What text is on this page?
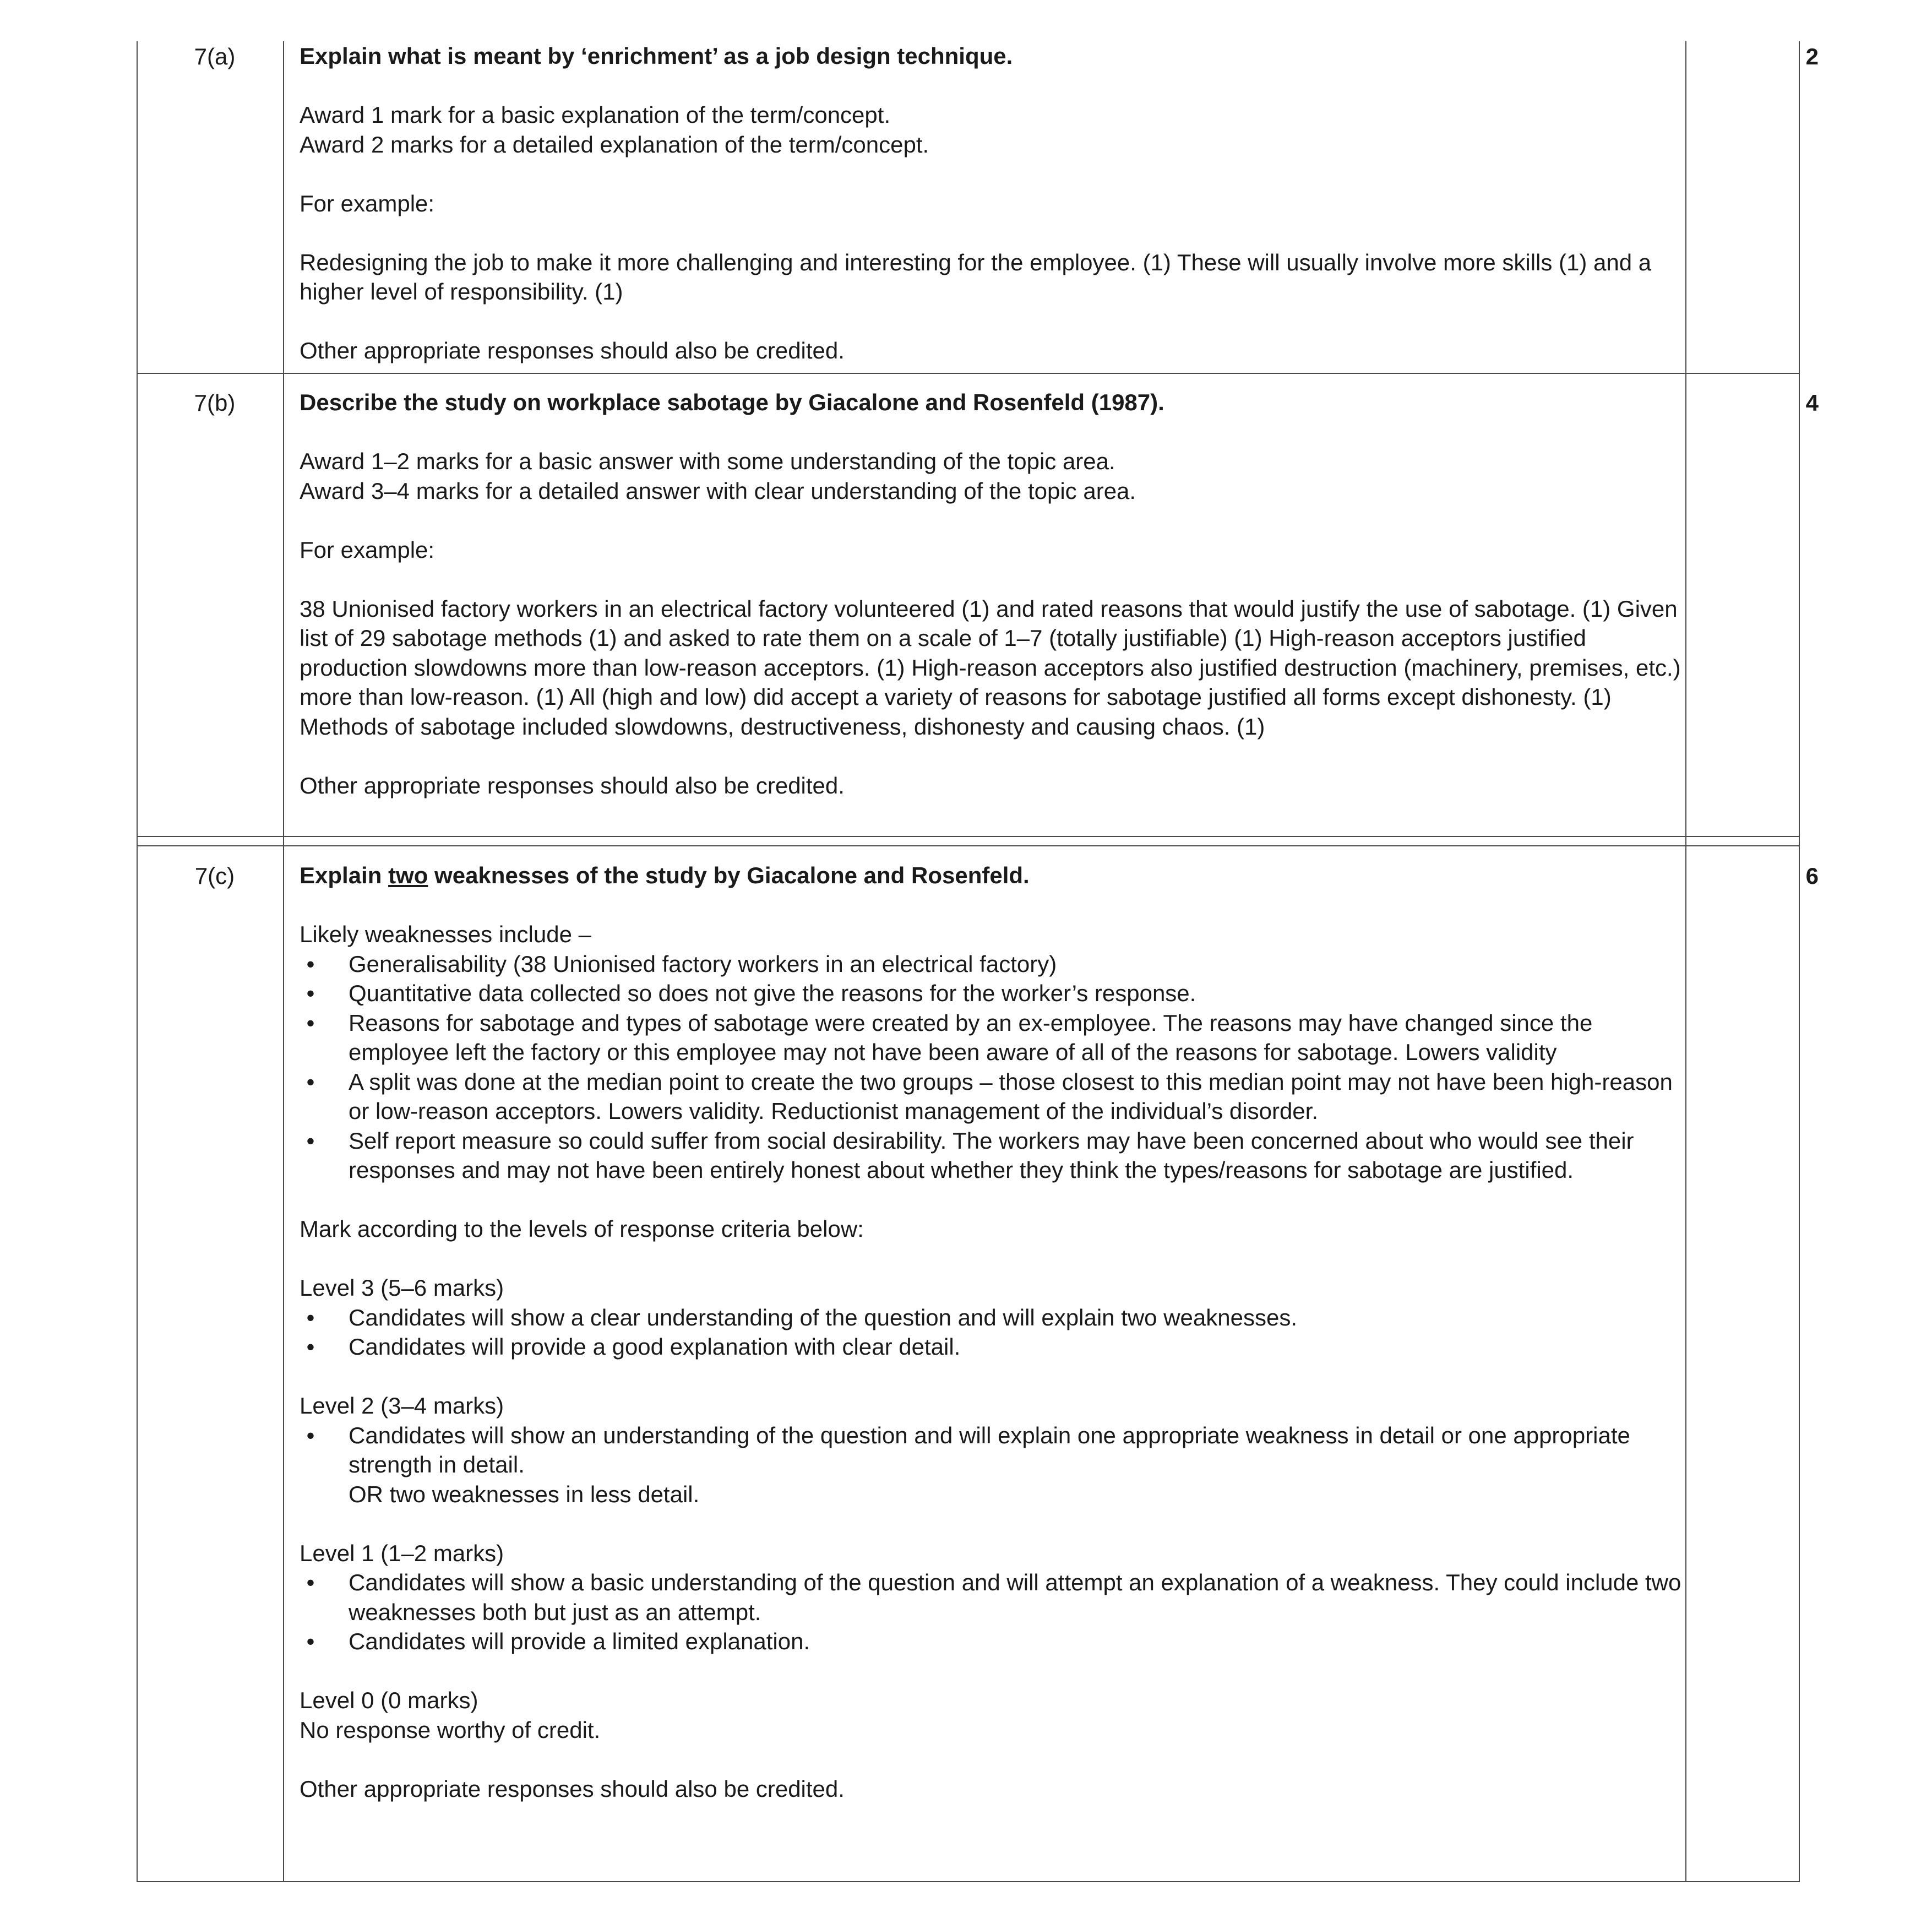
7(a)	2

Explain what is meant by ‘enrichment’ as a job design technique.

Award 1 mark for a basic explanation of the term/concept.
Award 2 marks for a detailed explanation of the term/concept.

For example:

Redesigning the job to make it more challenging and interesting for the employee. (1) These will usually involve more skills (1) and a higher level of responsibility. (1)

Other appropriate responses should also be credited.

7(b)	4

Describe the study on workplace sabotage by Giacalone and Rosenfeld (1987).

Award 1–2 marks for a basic answer with some understanding of the topic area.
Award 3–4 marks for a detailed answer with clear understanding of the topic area.

For example:

38 Unionised factory workers in an electrical factory volunteered (1) and rated reasons that would justify the use of sabotage. (1) Given list of 29 sabotage methods (1) and asked to rate them on a scale of 1–7 (totally justifiable) (1) High-reason acceptors justified production slowdowns more than low-reason acceptors. (1) High-reason acceptors also justified destruction (machinery, premises, etc.) more than low-reason. (1) All (high and low) did accept a variety of reasons for sabotage justified all forms except dishonesty. (1) Methods of sabotage included slowdowns, destructiveness, dishonesty and causing chaos. (1)

Other appropriate responses should also be credited.

7(c)	6

Explain two weaknesses of the study by Giacalone and Rosenfeld.

Likely weaknesses include –

•	Generalisability (38 Unionised factory workers in an electrical factory)
•	Quantitative data collected so does not give the reasons for the worker’s response.
•	Reasons for sabotage and types of sabotage were created by an ex-employee. The reasons may have changed since the employee left the factory or this employee may not have been aware of all of the reasons for sabotage. Lowers validity
•	A split was done at the median point to create the two groups – those closest to this median point may not have been high-reason or low-reason acceptors. Lowers validity. Reductionist management of the individual’s disorder.
•	Self report measure so could suffer from social desirability. The workers may have been concerned about who would see their responses and may not have been entirely honest about whether they think the types/reasons for sabotage are justified.

Mark according to the levels of response criteria below:

Level 3 (5–6 marks)

•	Candidates will show a clear understanding of the question and will explain two weaknesses.
•	Candidates will provide a good explanation with clear detail.

Level 2 (3–4 marks)

•	Candidates will show an understanding of the question and will explain one appropriate weakness in detail or one appropriate strength in detail.
OR two weaknesses in less detail.

Level 1 (1–2 marks)

•	Candidates will show a basic understanding of the question and will attempt an explanation of a weakness. They could include two weaknesses both but just as an attempt.
•	Candidates will provide a limited explanation.

Level 0 (0 marks)

No response worthy of credit.

Other appropriate responses should also be credited.
